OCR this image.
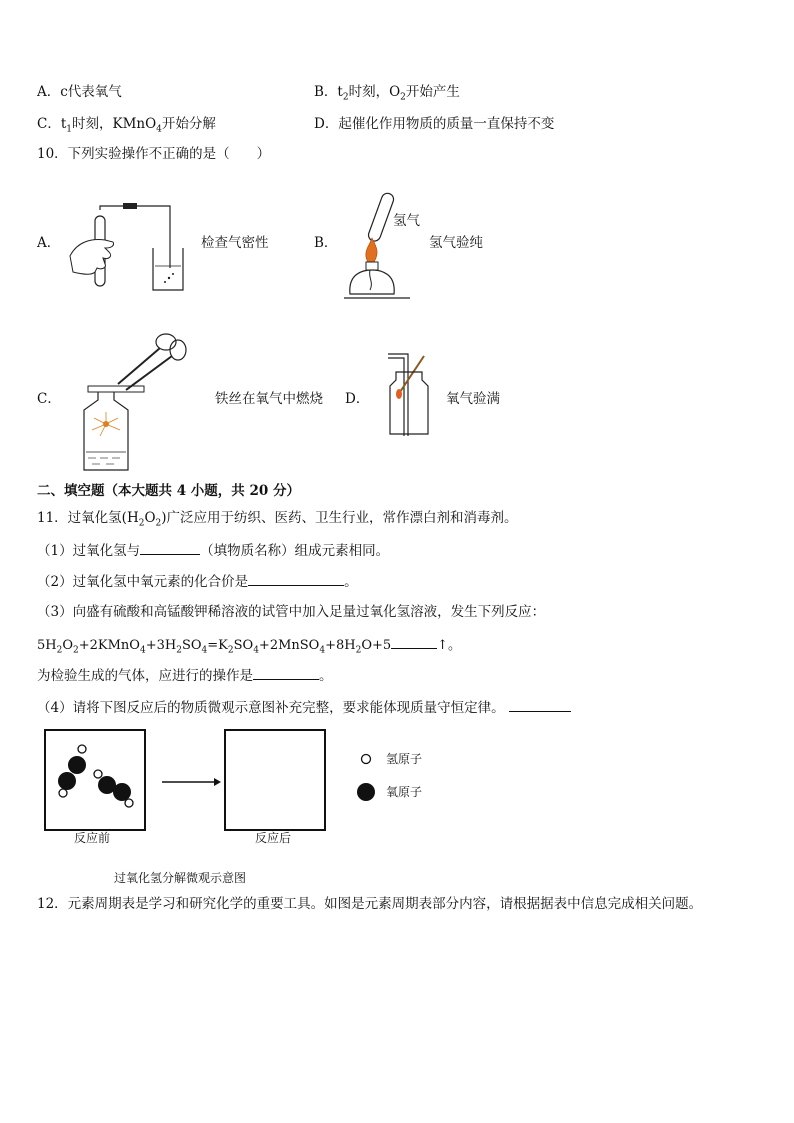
A．c代表氧气	B．$t_2$时刻，$O_2$开始产生
C．$t_1$时刻，KMnO$_4$开始分解	D．起催化作用物质的质量一直保持不变
10．下列实验操作不正确的是（　　）
A．	检查气密性	B．
氢气
氢气验纯
C．	铁丝在氧气中燃烧 D．	氧气验满
二、填空题（本大题共 4 小题，共 20 分）
11．过氧化氢$(H_2O_2)$广泛应用于纺织、医药、卫生行业，常作漂白剂和消毒剂。
（1）过氧化氢与	（填物质名称）组成元素相同。
（2）过氧化氢中氧元素的化合价是	。
（3）向盛有硫酸和高锰酸钾稀溶液的试管中加入足量过氧化氢溶液，发生下列反应：
$5H_2O_2+2KMnO_4+3H_2SO_4=K_2SO_4+2MnSO_4+8H_2O+5$	↑。
为检验生成的气体，应进行的操作是	。
（4）请将下图反应后的物质微观示意图补充完整，要求能体现质量守恒定律。
氢原子
氧原子
反应前	反应后
过氧化氢分解微观示意图
12．元素周期表是学习和研究化学的重要工具。如图是元素周期表部分内容，请根据据表中信息完成相关问题。
